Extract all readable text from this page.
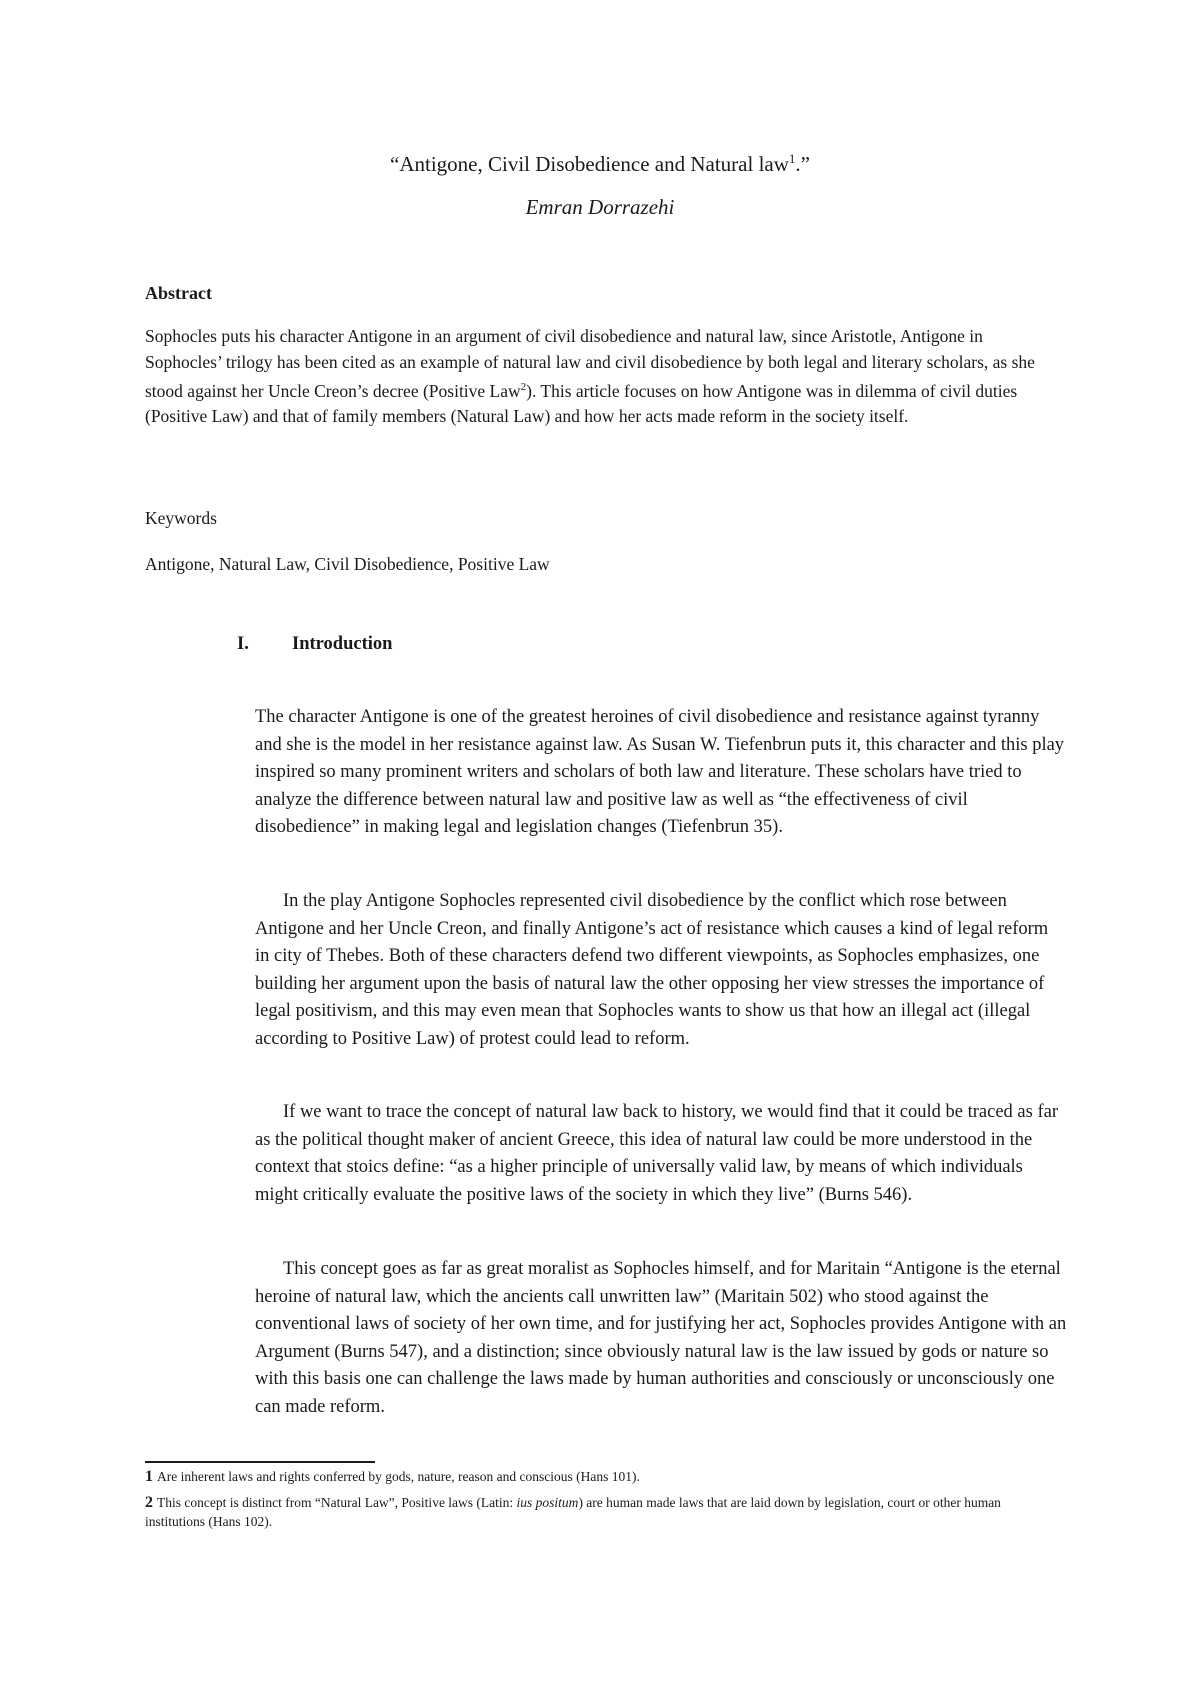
“Antigone, Civil Disobedience and Natural law$^1$.”
Emran Dorrazehi
Abstract
Sophocles puts his character Antigone in an argument of civil disobedience and natural law, since Aristotle, Antigone in Sophocles’ trilogy has been cited as an example of natural law and civil disobedience by both legal and literary scholars, as she stood against her Uncle Creon’s decree (Positive Law$^2$). This article focuses on how Antigone was in dilemma of civil duties (Positive Law) and that of family members (Natural Law) and how her acts made reform in the society itself.
Keywords
Antigone, Natural Law, Civil Disobedience, Positive Law
I. Introduction

The character Antigone is one of the greatest heroines of civil disobedience and resistance against tyranny and she is the model in her resistance against law. As Susan W. Tiefenbrun puts it, this character and this play inspired so many prominent writers and scholars of both law and literature. These scholars have tried to analyze the difference between natural law and positive law as well as “the effectiveness of civil disobedience” in making legal and legislation changes (Tiefenbrun 35).

In the play Antigone Sophocles represented civil disobedience by the conflict which rose between Antigone and her Uncle Creon, and finally Antigone’s act of resistance which causes a kind of legal reform in city of Thebes. Both of these characters defend two different viewpoints, as Sophocles emphasizes, one building her argument upon the basis of natural law the other opposing her view stresses the importance of legal positivism, and this may even mean that Sophocles wants to show us that how an illegal act (illegal according to Positive Law) of protest could lead to reform.

If we want to trace the concept of natural law back to history, we would find that it could be traced as far as the political thought maker of ancient Greece, this idea of natural law could be more understood in the context that stoics define: “as a higher principle of universally valid law, by means of which individuals might critically evaluate the positive laws of the society in which they live” (Burns 546).

This concept goes as far as great moralist as Sophocles himself, and for Maritain “Antigone is the eternal heroine of natural law, which the ancients call unwritten law” (Maritain 502) who stood against the conventional laws of society of her own time, and for justifying her act, Sophocles provides Antigone with an Argument (Burns 547), and a distinction; since obviously natural law is the law issued by gods or nature so with this basis one can challenge the laws made by human authorities and consciously or unconsciously one can made reform.

1 Are inherent laws and rights conferred by gods, nature, reason and conscious (Hans 101).
2 This concept is distinct from “Natural Law”, Positive laws (Latin: ius positum) are human made laws that are laid down by legislation, court or other human institutions (Hans 102).
